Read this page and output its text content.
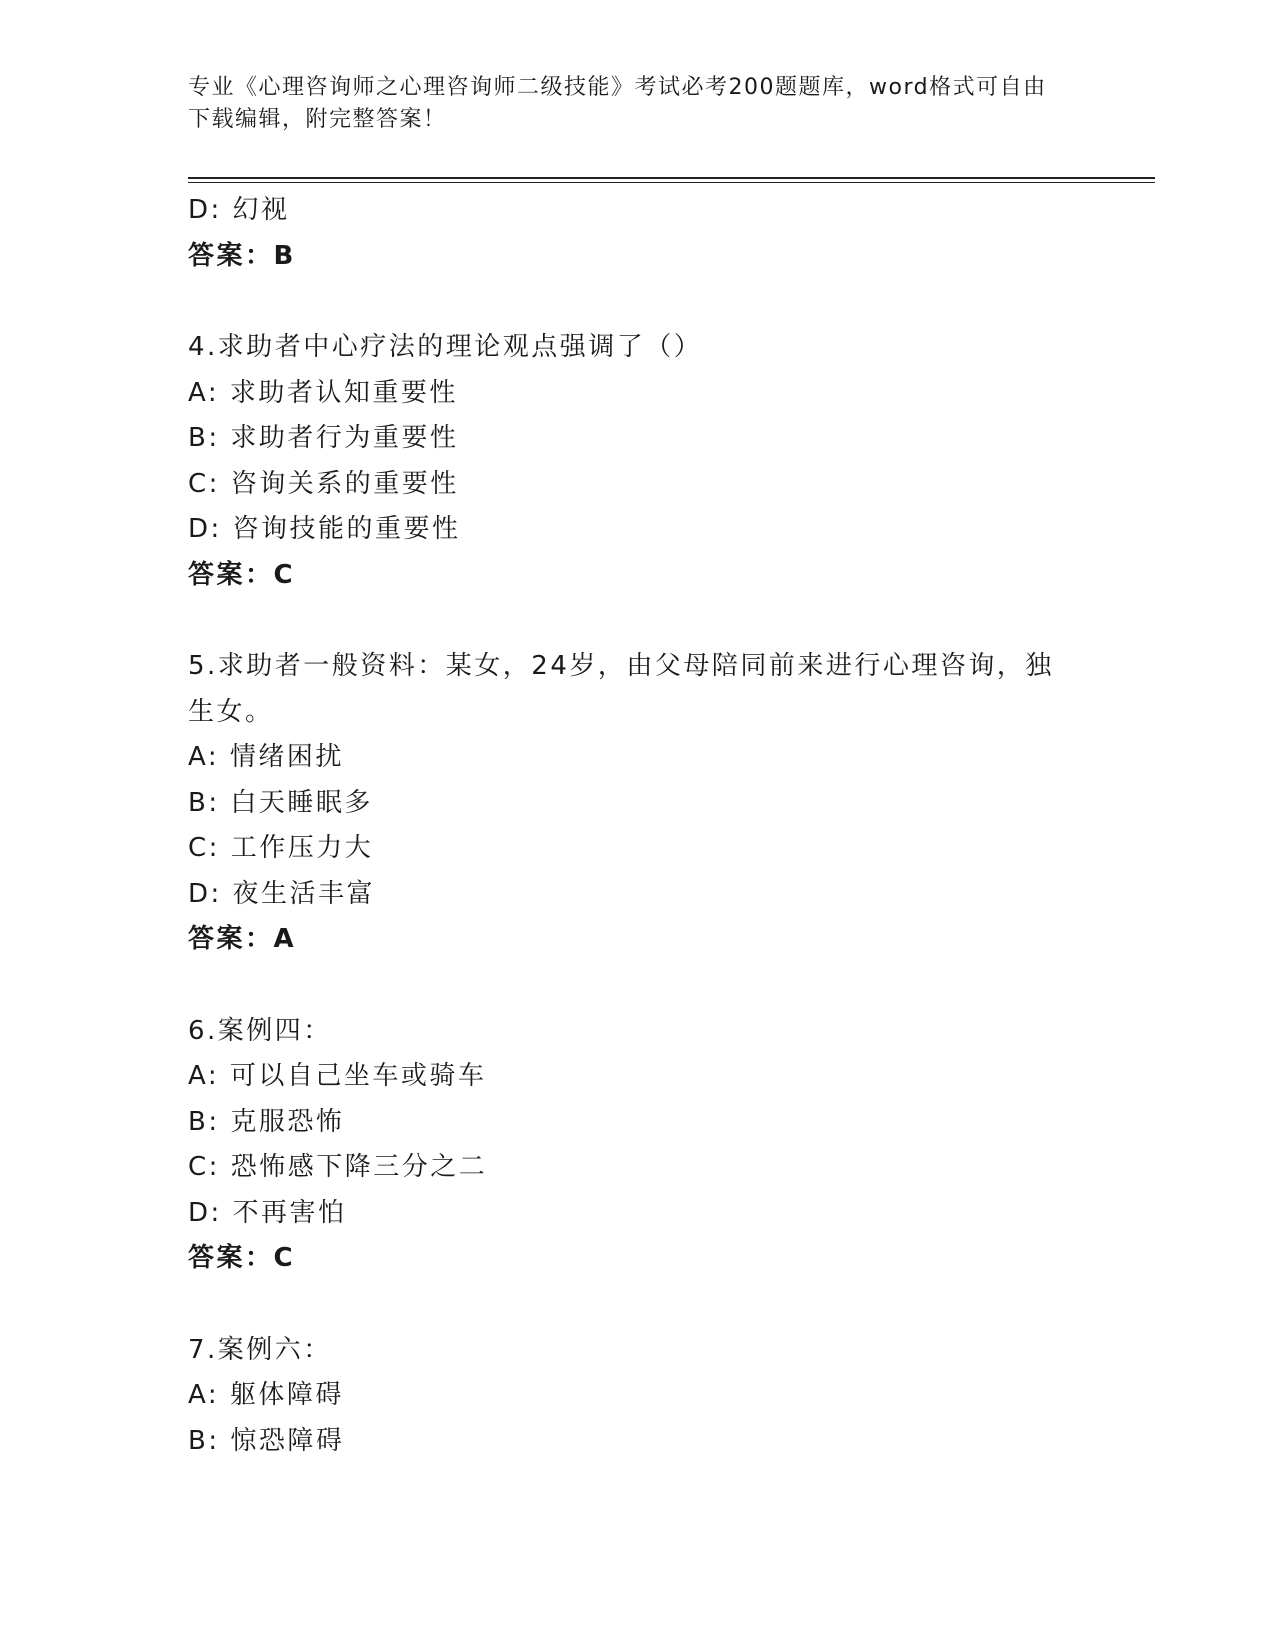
专业《心理咨询师之心理咨询师二级技能》考试必考200题题库，word格式可自由下载编辑，附完整答案！
D: 幻视
答案：B
4.求助者中心疗法的理论观点强调了（）
A: 求助者认知重要性
B: 求助者行为重要性
C: 咨询关系的重要性
D: 咨询技能的重要性
答案：C
5.求助者一般资料：某女，24岁，由父母陪同前来进行心理咨询，独生女。
A: 情绪困扰
B: 白天睡眠多
C: 工作压力大
D: 夜生活丰富
答案：A
6.案例四：
A: 可以自己坐车或骑车
B: 克服恐怖
C: 恐怖感下降三分之二
D: 不再害怕
答案：C
7.案例六：
A: 躯体障碍
B: 惊恐障碍
